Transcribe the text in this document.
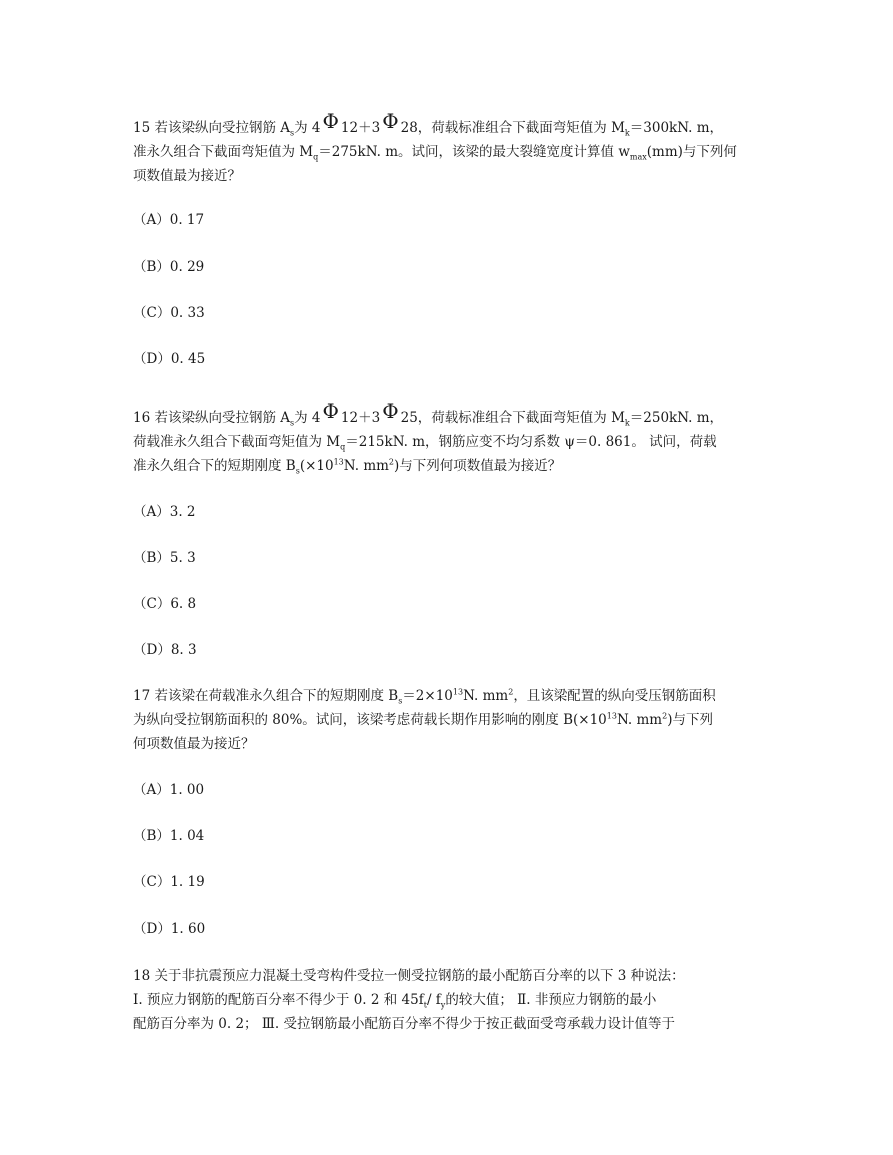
15 若该梁纵向受拉钢筋 $A_s$为 4 Φ 12＋3 Φ 28，荷载标准组合下截面弯矩值为 $M_k=300kN$. m，
准永久组合下截面弯矩值为 $M_q=275kN$. m。试问，该梁的最大裂缝宽度计算值 $w_{max}(mm)$与下列何
项数值最为接近？
（A）0. 17
（B）0. 29
（C）0. 33
（D）0. 45
16 若该梁纵向受拉钢筋 $A_s$为 4 Φ 12＋3 Φ 25，荷载标准组合下截面弯矩值为 $M_k=250kN$. m，
荷载准永久组合下截面弯矩值为 $M_q=215kN$. m，钢筋应变不均匀系数 ψ＝0. 861。 试问，荷载
准永久组合下的短期刚度 $B_s(\times 10^{13}N$. $mm^2$)与下列何项数值最为接近？
（A）3. 2
（B）5. 3
（C）6. 8
（D）8. 3
17 若该梁在荷载准永久组合下的短期刚度 $B_s=2\times 10^{13}N$. $mm^2$，且该梁配置的纵向受压钢筋面积
为纵向受拉钢筋面积的 80%。试问，该梁考虑荷载长期作用影响的刚度 $B(\times 10^{13}N$. $mm^2$)与下列
何项数值最为接近？
（A）1. 00
（B）1. 04
（C）1. 19
（D）1. 60
18 关于非抗震预应力混凝土受弯构件受拉一侧受拉钢筋的最小配筋百分率的以下 3 种说法：
Ⅰ. 预应力钢筋的配筋百分率不得少于 0. 2 和 $45f_t/$ $f_y$的较大值； Ⅱ. 非预应力钢筋的最小
配筋百分率为 0. 2； Ⅲ. 受拉钢筋最小配筋百分率不得少于按正截面受弯承载力设计值等于
